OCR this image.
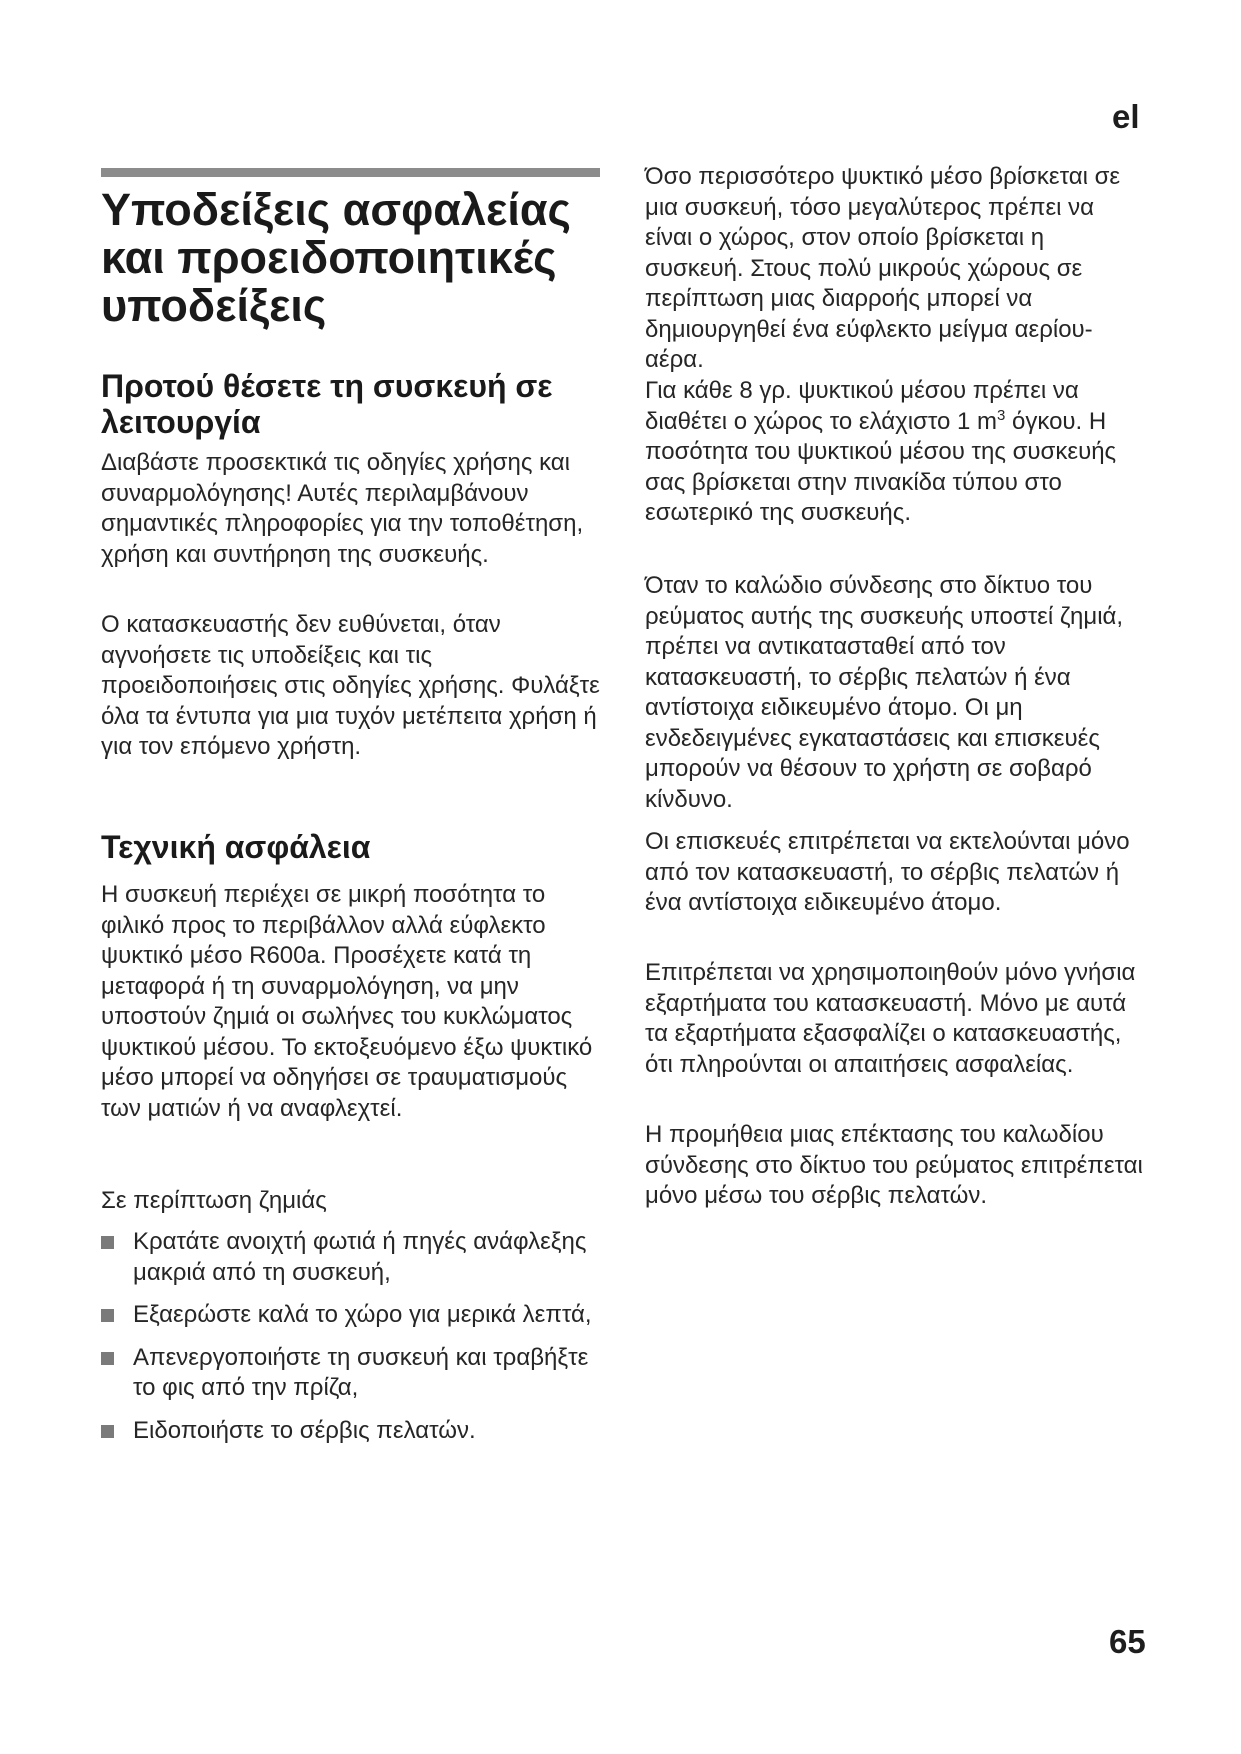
el
Υποδείξεις ασφαλείας και προειδοποιητικές υποδείξεις
Προτού θέσετε τη συσκευή σε λειτουργία

Διαβάστε προσεκτικά τις οδηγίες χρήσης και συναρμολόγησης! Αυτές περιλαμβάνουν σημαντικές πληροφορίες για την τοποθέτηση, χρήση και συντήρηση της συσκευής.

Ο κατασκευαστής δεν ευθύνεται, όταν αγνοήσετε τις υποδείξεις και τις προειδοποιήσεις στις οδηγίες χρήσης. Φυλάξτε όλα τα έντυπα για μια τυχόν μετέπειτα χρήση ή για τον επόμενο χρήστη.

Τεχνική ασφάλεια

Η συσκευή περιέχει σε μικρή ποσότητα το φιλικό προς το περιβάλλον αλλά εύφλεκτο ψυκτικό μέσο R600a. Προσέχετε κατά τη μεταφορά ή τη συναρμολόγηση, να μην υποστούν ζημιά οι σωλήνες του κυκλώματος ψυκτικού μέσου. Το εκτοξευόμενο έξω ψυκτικό μέσο μπορεί να οδηγήσει σε τραυματισμούς των ματιών ή να αναφλεχτεί.

Σε περίπτωση ζημιάς

Κρατάτε ανοιχτή φωτιά ή πηγές ανάφλεξης μακριά από τη συσκευή,
Εξαερώστε καλά το χώρο για μερικά λεπτά,
Απενεργοποιήστε τη συσκευή και τραβήξτε το φις από την πρίζα,
Ειδοποιήστε το σέρβις πελατών.

Όσο περισσότερο ψυκτικό μέσο βρίσκεται σε μια συσκευή, τόσο μεγαλύτερος πρέπει να είναι ο χώρος, στον οποίο βρίσκεται η συσκευή. Στους πολύ μικρούς χώρους σε περίπτωση μιας διαρροής μπορεί να δημιουργηθεί ένα εύφλεκτο μείγμα αερίου-αέρα.

Για κάθε 8 γρ. ψυκτικού μέσου πρέπει να διαθέτει ο χώρος το ελάχιστο 1 $m^3$ όγκου. Η ποσότητα του ψυκτικού μέσου της συσκευής σας βρίσκεται στην πινακίδα τύπου στο εσωτερικό της συσκευής.

Όταν το καλώδιο σύνδεσης στο δίκτυο του ρεύματος αυτής της συσκευής υποστεί ζημιά, πρέπει να αντικατασταθεί από τον κατασκευαστή, το σέρβις πελατών ή ένα αντίστοιχα ειδικευμένο άτομο. Οι μη ενδεδειγμένες εγκαταστάσεις και επισκευές μπορούν να θέσουν το χρήστη σε σοβαρό κίνδυνο.

Οι επισκευές επιτρέπεται να εκτελούνται μόνο από τον κατασκευαστή, το σέρβις πελατών ή ένα αντίστοιχα ειδικευμένο άτομο.

Επιτρέπεται να χρησιμοποιηθούν μόνο γνήσια εξαρτήματα του κατασκευαστή. Μόνο με αυτά τα εξαρτήματα εξασφαλίζει ο κατασκευαστής, ότι πληρούνται οι απαιτήσεις ασφαλείας.

Η προμήθεια μιας επέκτασης του καλωδίου σύνδεσης στο δίκτυο του ρεύματος επιτρέπεται μόνο μέσω του σέρβις πελατών.

65
